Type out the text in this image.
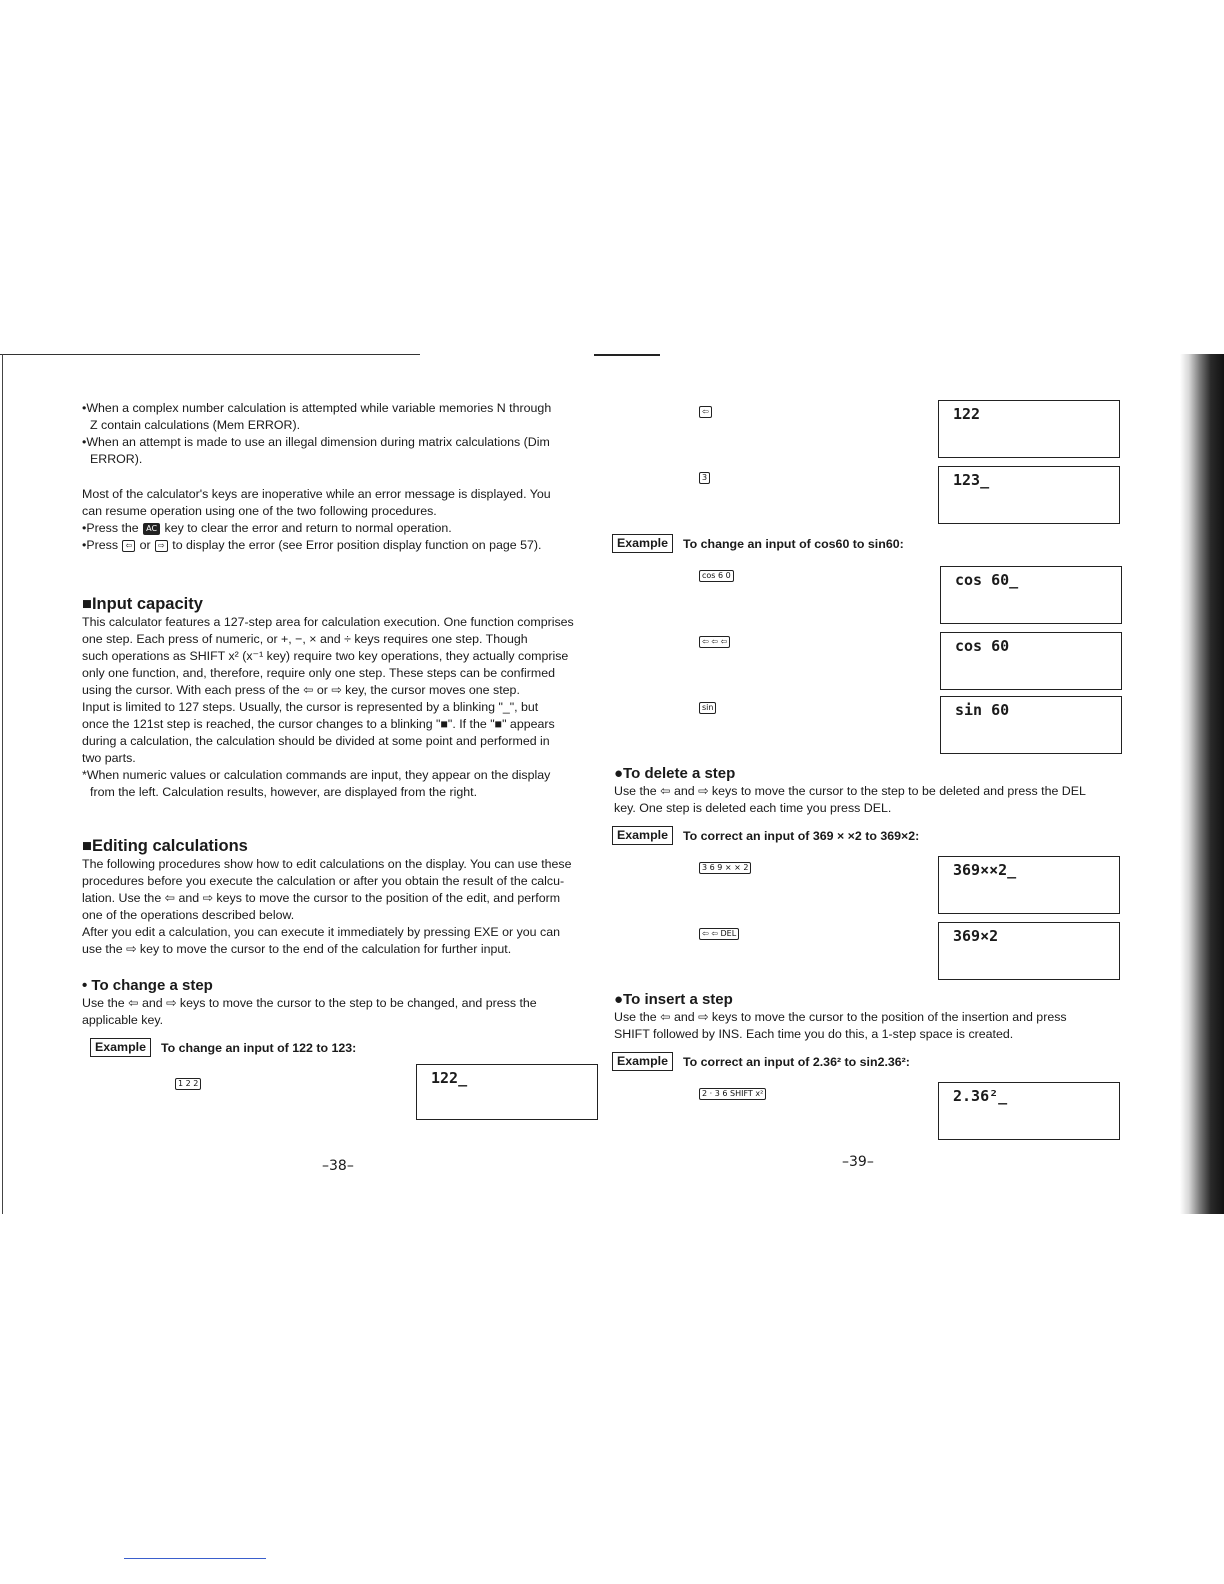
•When a complex number calculation is attempted while variable memories N through

Z contain calculations (Mem ERROR).

•When an attempt is made to use an illegal dimension during matrix calculations (Dim

ERROR).

Most of the calculator's keys are inoperative while an error message is displayed. You

can resume operation using one of the two following procedures.

•Press the AC key to clear the error and return to normal operation.

•Press ⇦ or ⇨ to display the error (see Error position display function on page 57).

■Input capacity

This calculator features a 127-step area for calculation execution. One function comprises

one step. Each press of numeric, or +, −, × and ÷ keys requires one step. Though

such operations as SHIFT x² (x⁻¹ key) require two key operations, they actually comprise

only one function, and, therefore, require only one step. These steps can be confirmed

using the cursor. With each press of the ⇦ or ⇨ key, the cursor moves one step.

Input is limited to 127 steps. Usually, the cursor is represented by a blinking "_", but

once the 121st step is reached, the cursor changes to a blinking "■". If the "■" appears

during a calculation, the calculation should be divided at some point and performed in

two parts.

*When numeric values or calculation commands are input, they appear on the display

from the left. Calculation results, however, are displayed from the right.

■Editing calculations

The following procedures show how to edit calculations on the display. You can use these

procedures before you execute the calculation or after you obtain the result of the calcu-

lation. Use the ⇦ and ⇨ keys to move the cursor to the position of the edit, and perform

one of the operations described below.

After you edit a calculation, you can execute it immediately by pressing EXE or you can

use the ⇨ key to move the cursor to the end of the calculation for further input.

• To change a step

Use the ⇦ and ⇨ keys to move the cursor to the step to be changed, and press the

applicable key.

Example	To change an input of 122 to 123:
1 2 2	122_
–38–
⇦	122
3	123_
Example	To change an input of cos60 to sin60:
cos 6 0	cos 60_
⇦ ⇦ ⇦	cos 60
sin	sin 60
●To delete a step

Use the ⇦ and ⇨ keys to move the cursor to the step to be deleted and press the DEL

key. One step is deleted each time you press DEL.

Example	To correct an input of 369 × ×2 to 369×2:
3 6 9 × × 2	369××2_
⇦ ⇦ DEL	369×2
●To insert a step

Use the ⇦ and ⇨ keys to move the cursor to the position of the insertion and press

SHIFT followed by INS. Each time you do this, a 1-step space is created.

Example	To correct an input of 2.36² to sin2.36²:
2 · 3 6 SHIFT x²	2.36²_
–39–
